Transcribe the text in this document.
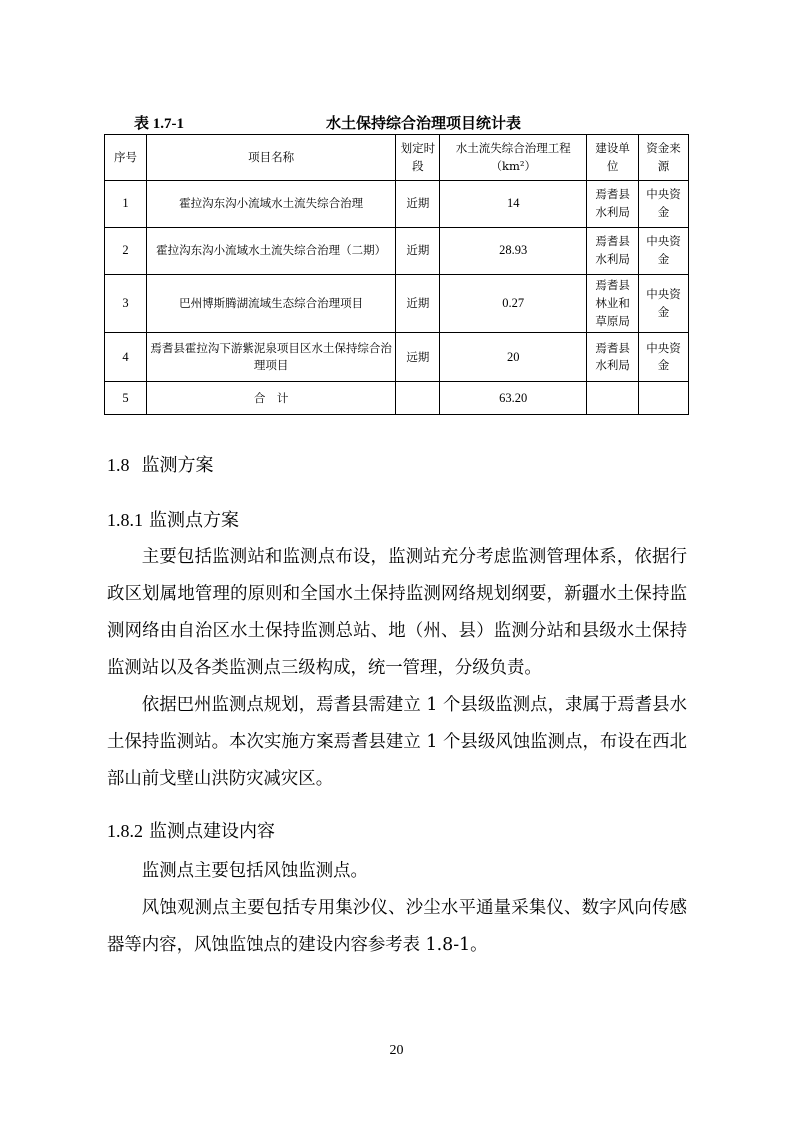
表 1.7-1	水土保持综合治理项目统计表
序号	项目名称	划定时段	水土流失综合治理工程（km²）	建设单位	资金来源
1	霍拉沟东沟小流域水土流失综合治理	近期	14	焉耆县水利局	中央资金
2	霍拉沟东沟小流域水土流失综合治理（二期）	近期	28.93	焉耆县水利局	中央资金
3	巴州博斯腾湖流域生态综合治理项目	近期	0.27	焉耆县林业和草原局	中央资金
4	焉耆县霍拉沟下游紫泥泉项目区水土保持综合治理项目	远期	20	焉耆县水利局	中央资金
5	合　计		63.20		
1.8 监测方案
1.8.1 监测点方案

主要包括监测站和监测点布设，监测站充分考虑监测管理体系，依据行政区划属地管理的原则和全国水土保持监测网络规划纲要，新疆水土保持监测网络由自治区水土保持监测总站、地（州、县）监测分站和县级水土保持监测站以及各类监测点三级构成，统一管理，分级负责。

依据巴州监测点规划，焉耆县需建立 1 个县级监测点，隶属于焉耆县水土保持监测站。本次实施方案焉耆县建立 1 个县级风蚀监测点，布设在西北部山前戈壁山洪防灾减灾区。

1.8.2 监测点建设内容

监测点主要包括风蚀监测点。

风蚀观测点主要包括专用集沙仪、沙尘水平通量采集仪、数字风向传感器等内容，风蚀监蚀点的建设内容参考表 1.8-1。

20
